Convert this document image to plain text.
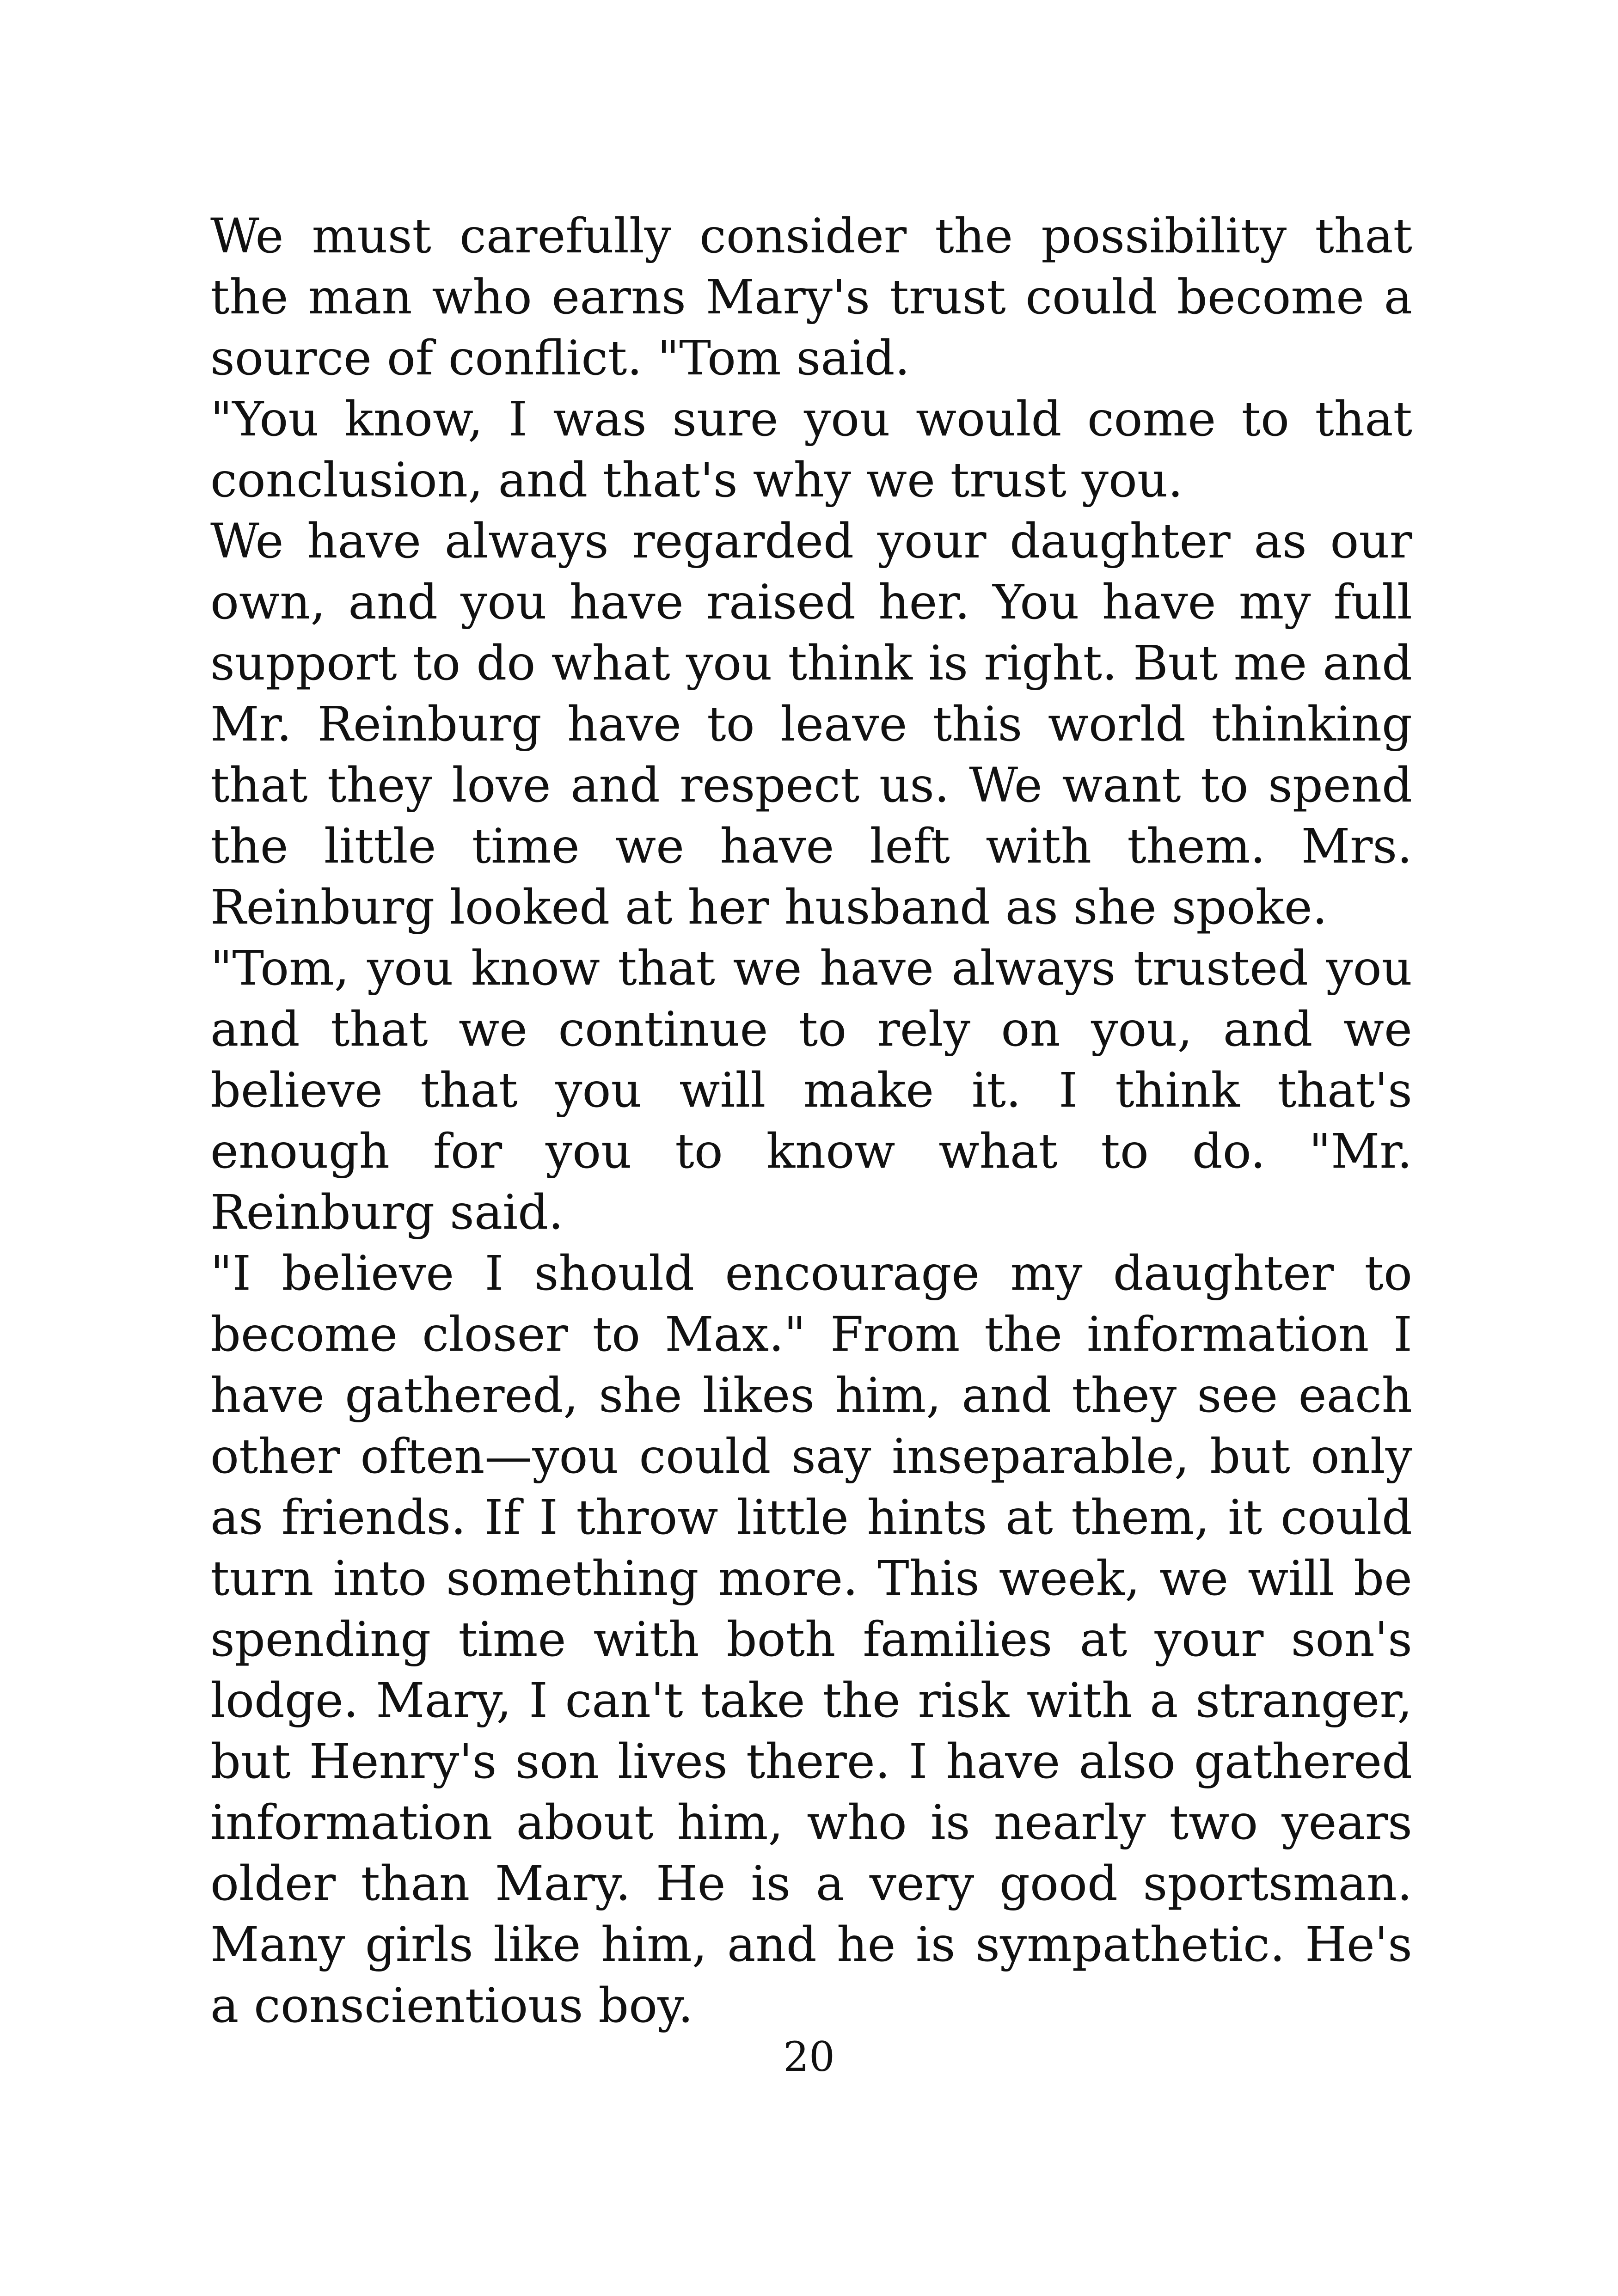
We must carefully consider the possibility that the man who earns Mary's trust could become a source of conflict. "Tom said.

"You know, I was sure you would come to that conclusion, and that's why we trust you.

We have always regarded your daughter as our own, and you have raised her. You have my full support to do what you think is right. But me and Mr. Reinburg have to leave this world thinking that they love and respect us. We want to spend the little time we have left with them. Mrs. Reinburg looked at her husband as she spoke.

"Tom, you know that we have always trusted you and that we continue to rely on you, and we believe that you will make it. I think that's enough for you to know what to do. "Mr. Reinburg said.

"I believe I should encourage my daughter to become closer to Max." From the information I have gathered, she likes him, and they see each other often—you could say inseparable, but only as friends. If I throw little hints at them, it could turn into something more. This week, we will be spending time with both families at your son's lodge. Mary, I can't take the risk with a stranger, but Henry's son lives there. I have also gathered information about him, who is nearly two years older than Mary. He is a very good sportsman. Many girls like him, and he is sympathetic. He's a conscientious boy.

20
